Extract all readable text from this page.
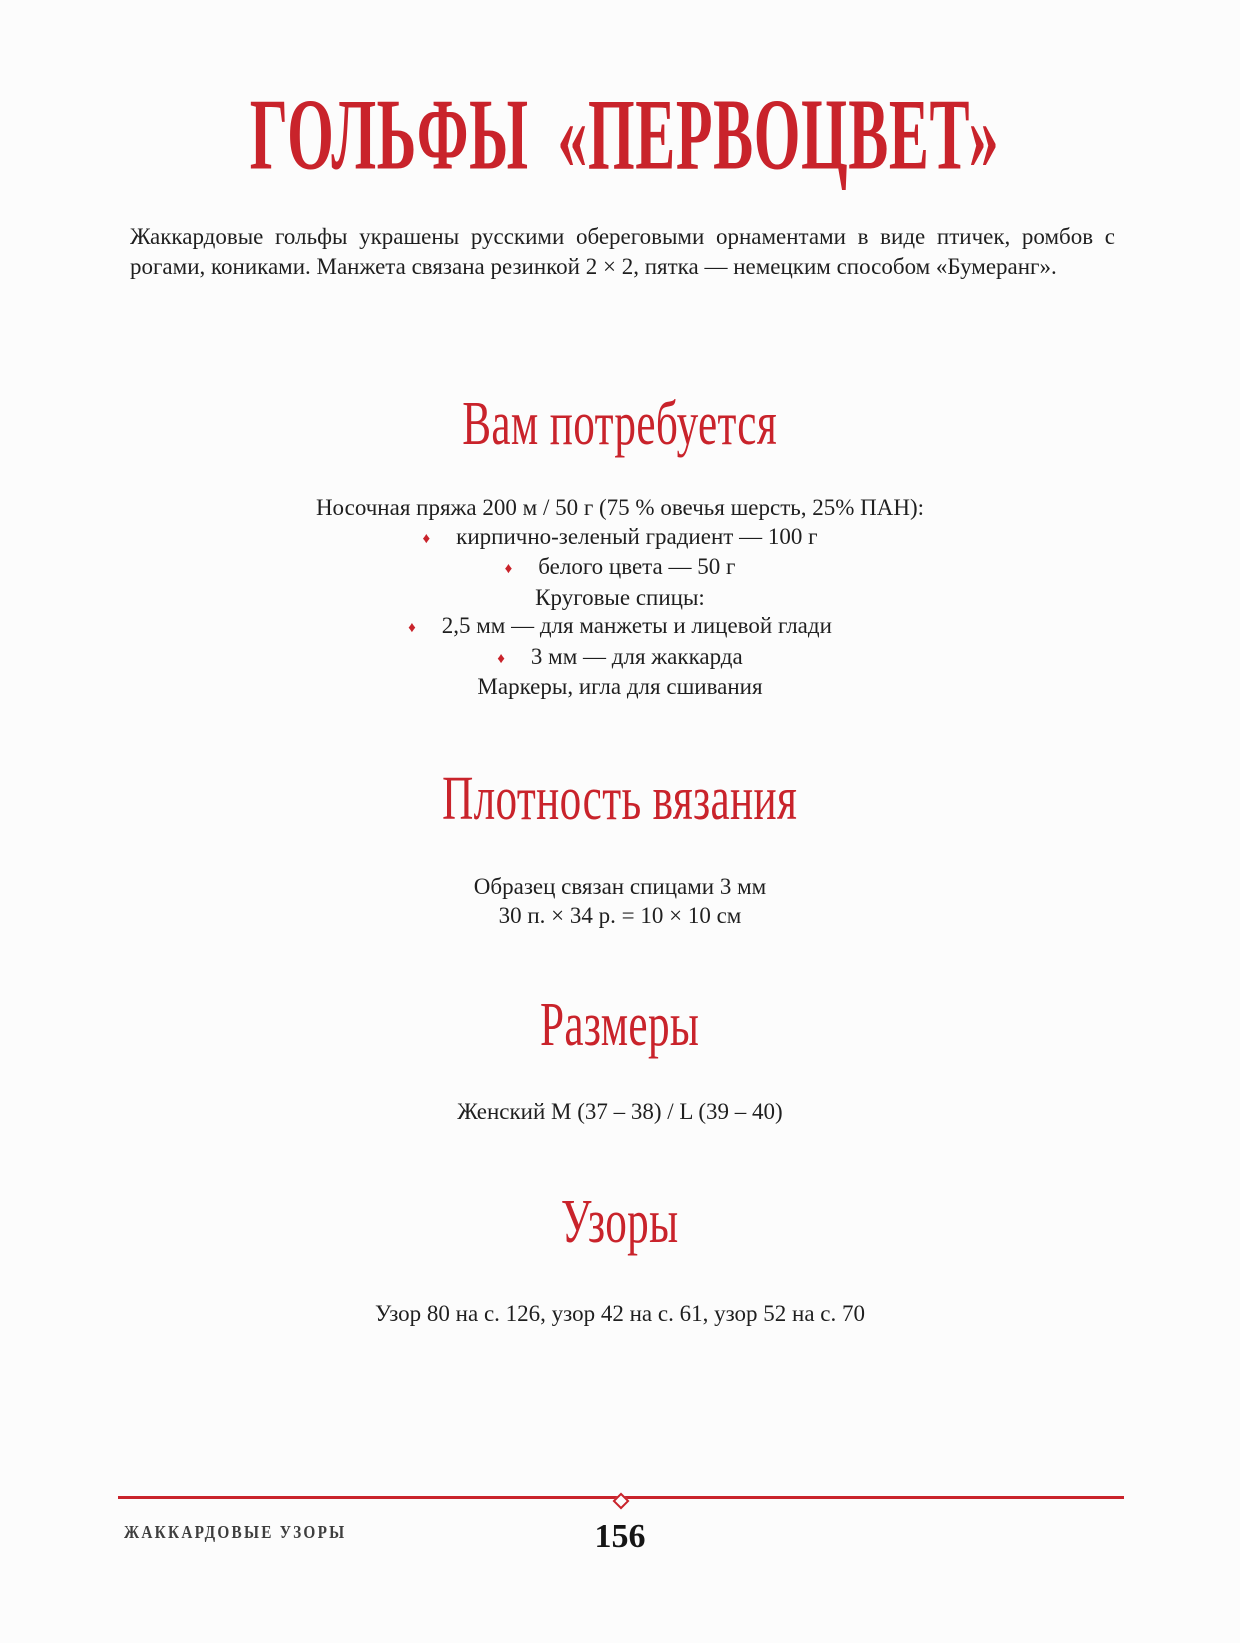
ГОЛЬФЫ «ПЕРВОЦВЕТ»

Жаккардовые гольфы украшены русскими обереговыми орнаментами в виде птичек, ромбов с рогами, кониками. Манжета связана резинкой 2 × 2, пятка — немецким способом «Бумеранг».

Вам потребуется
Носочная пряжа 200 м / 50 г (75 % овечья шерсть, 25% ПАН):
♦ кирпично-зеленый градиент — 100 г
♦ белого цвета — 50 г
Круговые спицы:
♦ 2,5 мм — для манжеты и лицевой глади
♦ 3 мм — для жаккарда
Маркеры, игла для сшивания
Плотность вязания
Образец связан спицами 3 мм
30 п. × 34 р. = 10 × 10 см
Размеры
Женский M (37 – 38) / L (39 – 40)
Узоры
Узор 80 на с. 126, узор 42 на с. 61, узор 52 на с. 70
ЖАККАРДОВЫЕ УЗОРЫ	156
